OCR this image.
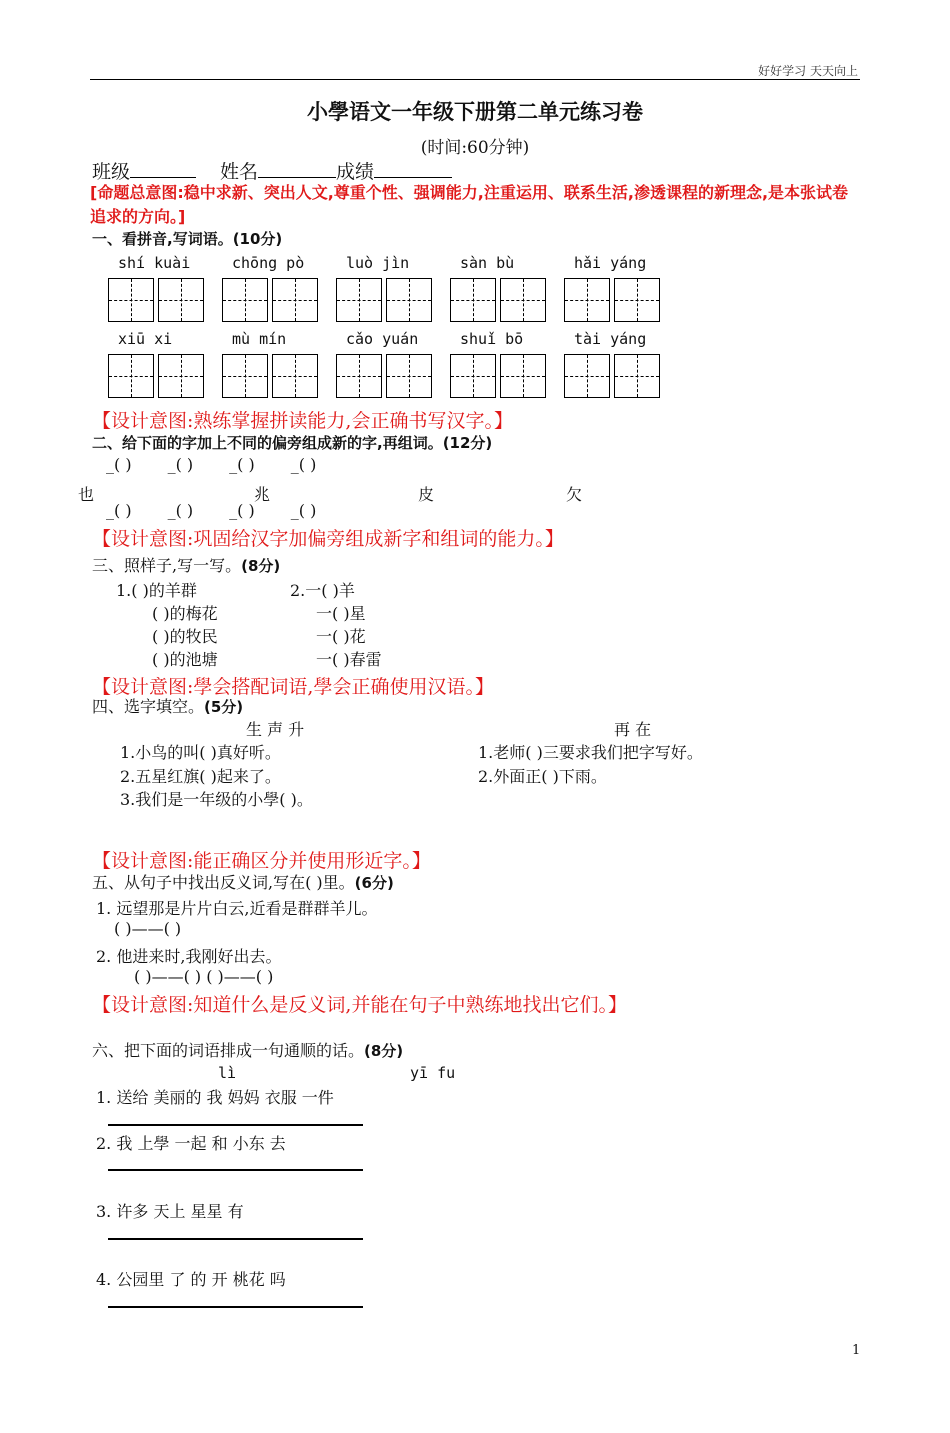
好好学习 天天向上
小學语文一年级下册第二单元练习卷
(时间:60分钟)
班级	姓名	成绩
[命题总意图:稳中求新、突出人文,尊重个性、强调能力,注重运用、联系生活,渗透课程的新理念,是本张试卷追求的方向。]
一、看拼音,写词语。(10分)
shí kuài	chōng pò	luò jìn	sàn bù	hǎi yáng
xiū xi	mù mín	cǎo yuán	shuǐ bō	tài yáng
【设计意图:熟练掌握拼读能力,会正确书写汉字。】
二、给下面的字加上不同的偏旁组成新的字,再组词。(12分)
_( ) _( ) _( ) _( )
也	兆	皮	欠
_( ) _( ) _( ) _( )
【设计意图:巩固给汉字加偏旁组成新字和组词的能力。】
三、照样子,写一写。(8分)
1.( )的羊群
( )的梅花
( )的牧民
( )的池塘
2.一( )羊
一( )星
一( )花
一( )春雷
【设计意图:學会搭配词语,學会正确使用汉语。】
四、选字填空。(5分)
生 声 升	再 在
1.小鸟的叫( )真好听。
2.五星红旗( )起来了。
3.我们是一年级的小學( )。
1.老师( )三要求我们把字写好。
2.外面正( )下雨。
【设计意图:能正确区分并使用形近字。】
五、从句子中找出反义词,写在( )里。(6分)
1. 远望那是片片白云,近看是群群羊儿。
( )——( )
2. 他进来时,我刚好出去。
( )——( ) ( )——( )
【设计意图:知道什么是反义词,并能在句子中熟练地找出它们。】
六、把下面的词语排成一句通顺的话。(8分)
lì	yī fu
1. 送给 美丽的 我 妈妈 衣服 一件
2. 我 上學 一起 和 小东 去
3. 许多 天上 星星 有
4. 公园里 了 的 开 桃花 吗
1
